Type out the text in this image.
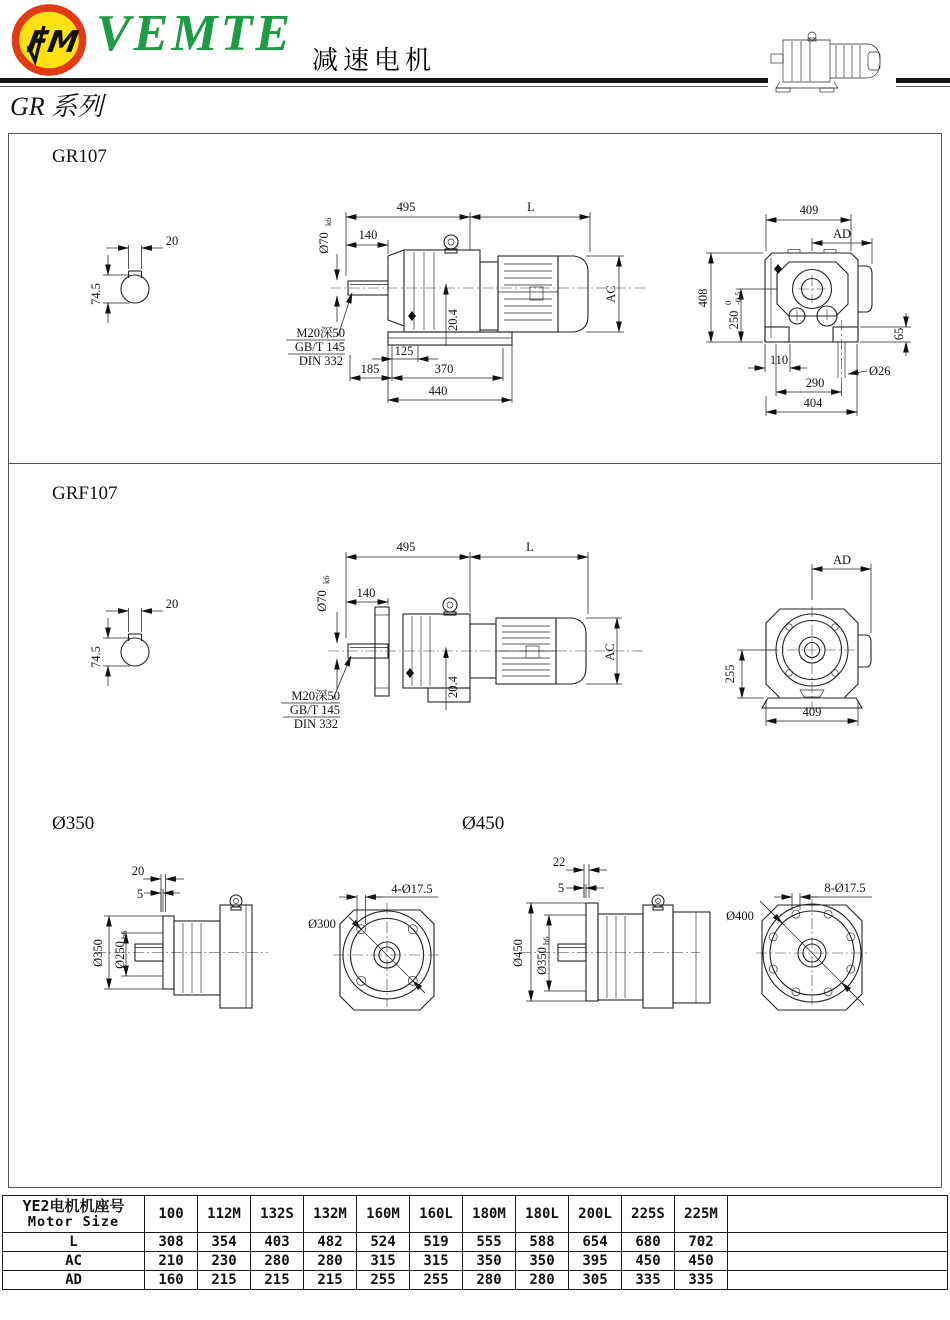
FM VEMTE 减速电机
GR 系列
GR107
GRF107
Ø350	Ø450
20
74.5
495	L
140
Ø70
k6
20.4
AC
M20深50
GB/T 145
DIN 332
125
185	370
440
409
AD
408
250
0 -0.5
65
110
290
404
Ø26
20
74.5
495	L
140
Ø70
k6
20.4
AC
M20深50
GB/T 145
DIN 332
AD
255
409
20
5
Ø350 Ø250
h6
Ø300
4-Ø17.5
22
5
Ø450 Ø350
h6
Ø400
8-Ø17.5
YE2电机机座号
Motor Size	100	112M	132S	132M	160M	160L	180M	180L	200L	225S	225M	
L	308	354	403	482	524	519	555	588	654	680	702	
AC	210	230	280	280	315	315	350	350	395	450	450	
AD	160	215	215	215	255	255	280	280	305	335	335	
